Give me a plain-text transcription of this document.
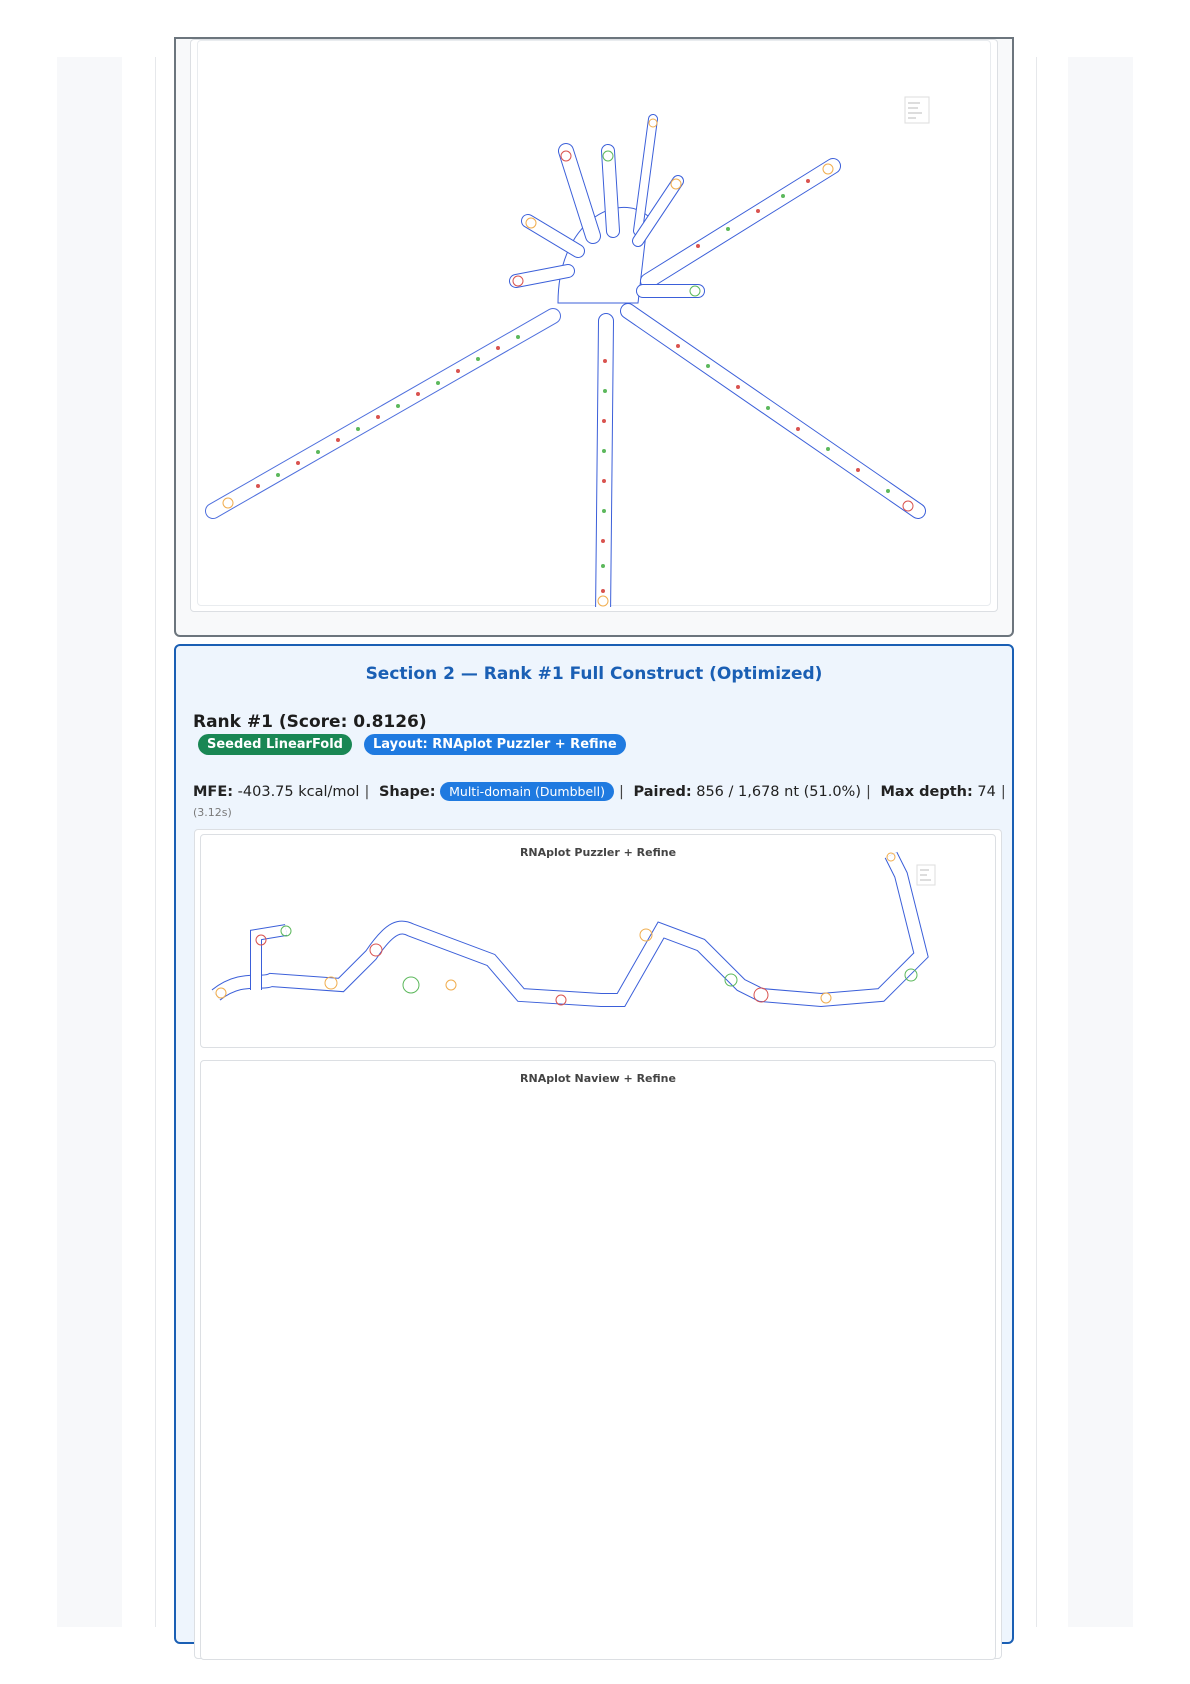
Section 2 — Rank #1 Full Construct (Optimized)
Rank #1 (Score: 0.8126)
Seeded LinearFold	Layout: RNAplot Puzzler + Refine
MFE: -403.75 kcal/mol | Shape: Multi-domain (Dumbbell) | Paired: 856 / 1,678 nt (51.0%) | Max depth: 74 |
(3.12s)
RNAplot Puzzler + Refine
RNAplot Naview + Refine
